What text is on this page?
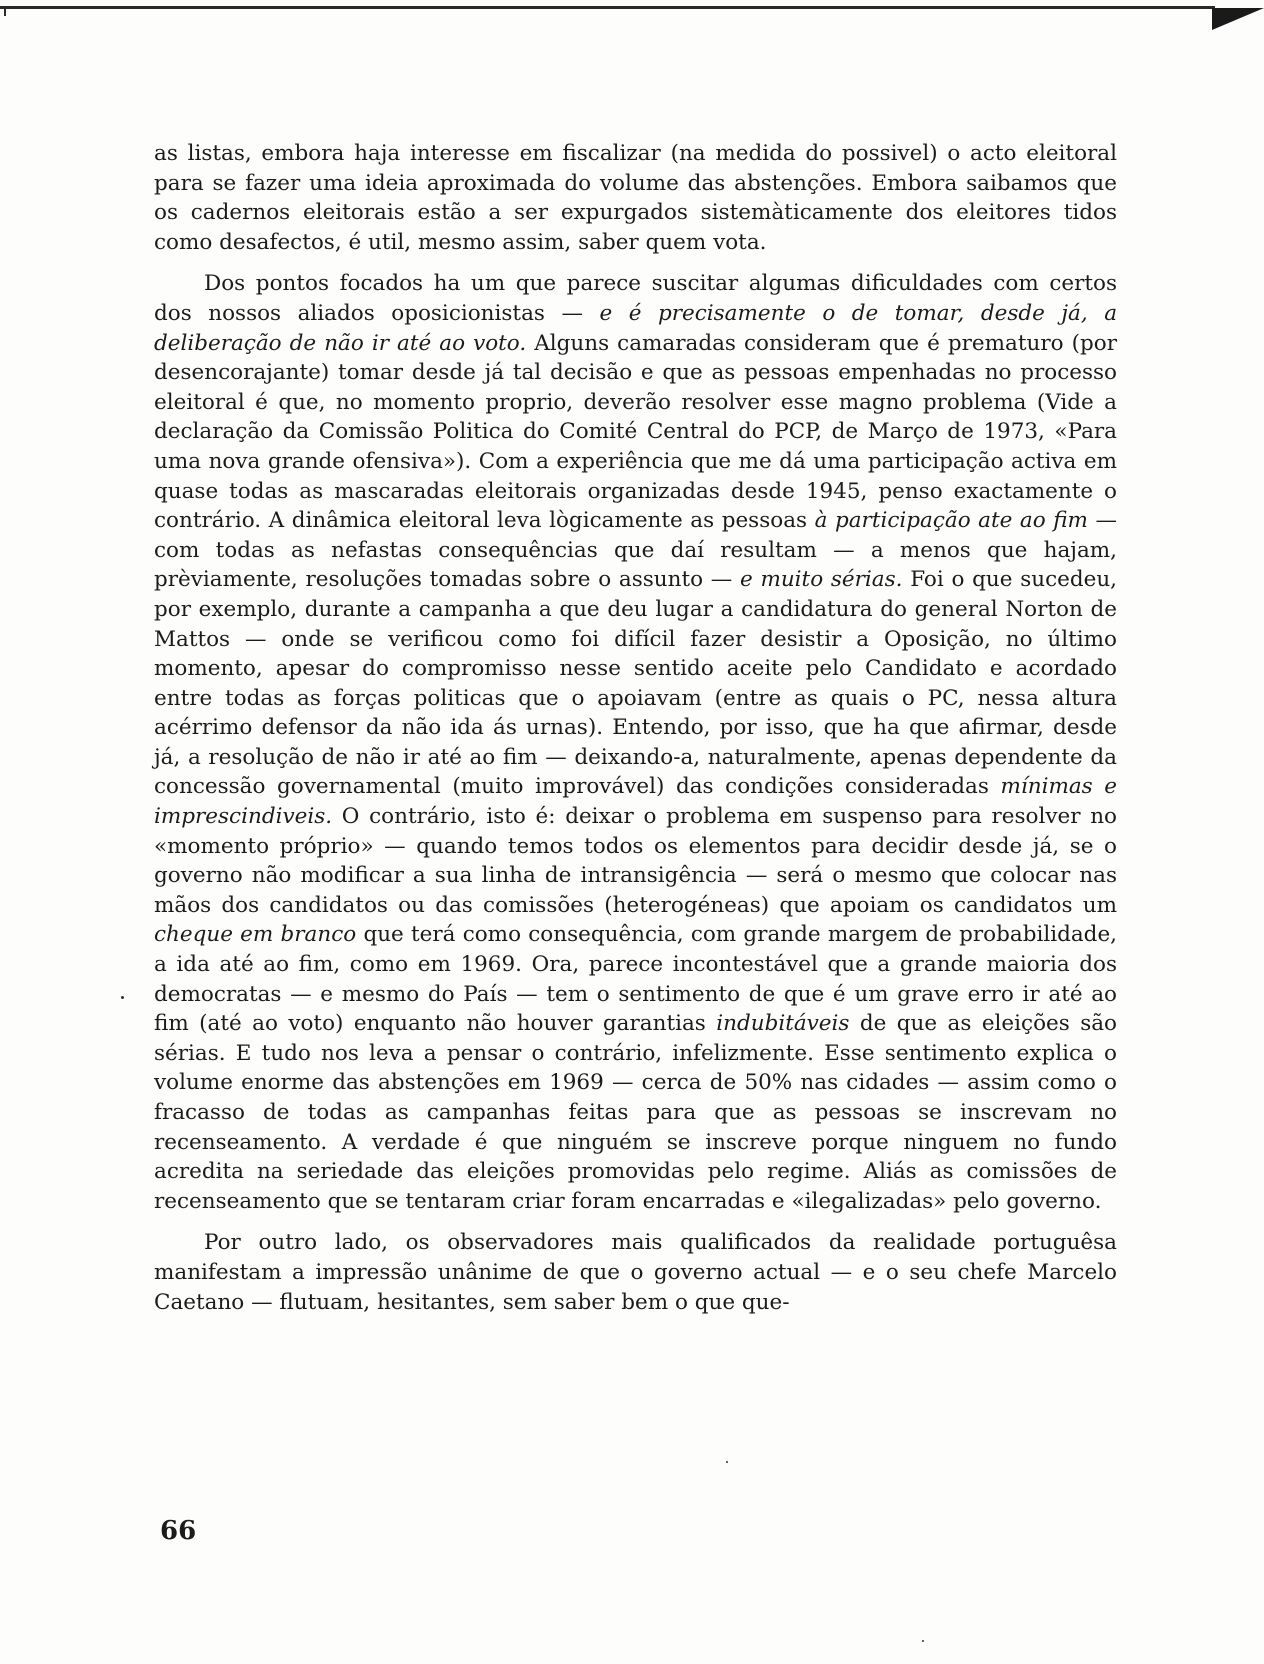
as listas, embora haja interesse em fiscalizar (na medida do possivel) o acto eleitoral para se fazer uma ideia aproximada do volume das abstenções. Embora saibamos que os cadernos eleitorais estão a ser expurgados sistemàticamente dos eleitores tidos como desafectos, é util, mesmo assim, saber quem vota.

Dos pontos focados ha um que parece suscitar algumas dificuldades com certos dos nossos aliados oposicionistas — e é precisamente o de tomar, desde já, a deliberação de não ir até ao voto. Alguns camaradas consideram que é prematuro (por desencorajante) tomar desde já tal decisão e que as pessoas empenhadas no processo eleitoral é que, no momento proprio, deverão resolver esse magno problema (Vide a declaração da Comissão Politica do Comité Central do PCP, de Março de 1973, «Para uma nova grande ofensiva»). Com a experiência que me dá uma participação activa em quase todas as mascaradas eleitorais organizadas desde 1945, penso exactamente o contrário. A dinâmica eleitoral leva lògicamente as pessoas à participação ate ao fim — com todas as nefastas consequências que daí resultam — a menos que hajam, prèviamente, resoluções tomadas sobre o assunto — e muito sérias. Foi o que sucedeu, por exemplo, durante a campanha a que deu lugar a candidatura do general Norton de Mattos — onde se verificou como foi difícil fazer desistir a Oposição, no último momento, apesar do compromisso nesse sentido aceite pelo Candidato e acordado entre todas as forças politicas que o apoiavam (entre as quais o PC, nessa altura acérrimo defensor da não ida ás urnas). Entendo, por isso, que ha que afirmar, desde já, a resolução de não ir até ao fim — deixando-a, naturalmente, apenas dependente da concessão governamental (muito improvável) das condições consideradas mínimas e imprescindiveis. O contrário, isto é: deixar o problema em suspenso para resolver no «momento próprio» — quando temos todos os elementos para decidir desde já, se o governo não modificar a sua linha de intransigência — será o mesmo que colocar nas mãos dos candidatos ou das comissões (heterogéneas) que apoiam os candidatos um cheque em branco que terá como consequência, com grande margem de probabilidade, a ida até ao fim, como em 1969. Ora, parece incontestável que a grande maioria dos democratas — e mesmo do País — tem o sentimento de que é um grave erro ir até ao fim (até ao voto) enquanto não houver garantias indubitáveis de que as eleições são sérias. E tudo nos leva a pensar o contrário, infelizmente. Esse sentimento explica o volume enorme das abstenções em 1969 — cerca de 50% nas cidades — assim como o fracasso de todas as campanhas feitas para que as pessoas se inscrevam no recenseamento. A verdade é que ninguém se inscreve porque ninguem no fundo acredita na seriedade das eleições promovidas pelo regime. Aliás as comissões de recenseamento que se tentaram criar foram encarradas e «ilegalizadas» pelo governo.

Por outro lado, os observadores mais qualificados da realidade portuguêsa manifestam a impressão unânime de que o governo actual — e o seu chefe Marcelo Caetano — flutuam, hesitantes, sem saber bem o que que-

66
